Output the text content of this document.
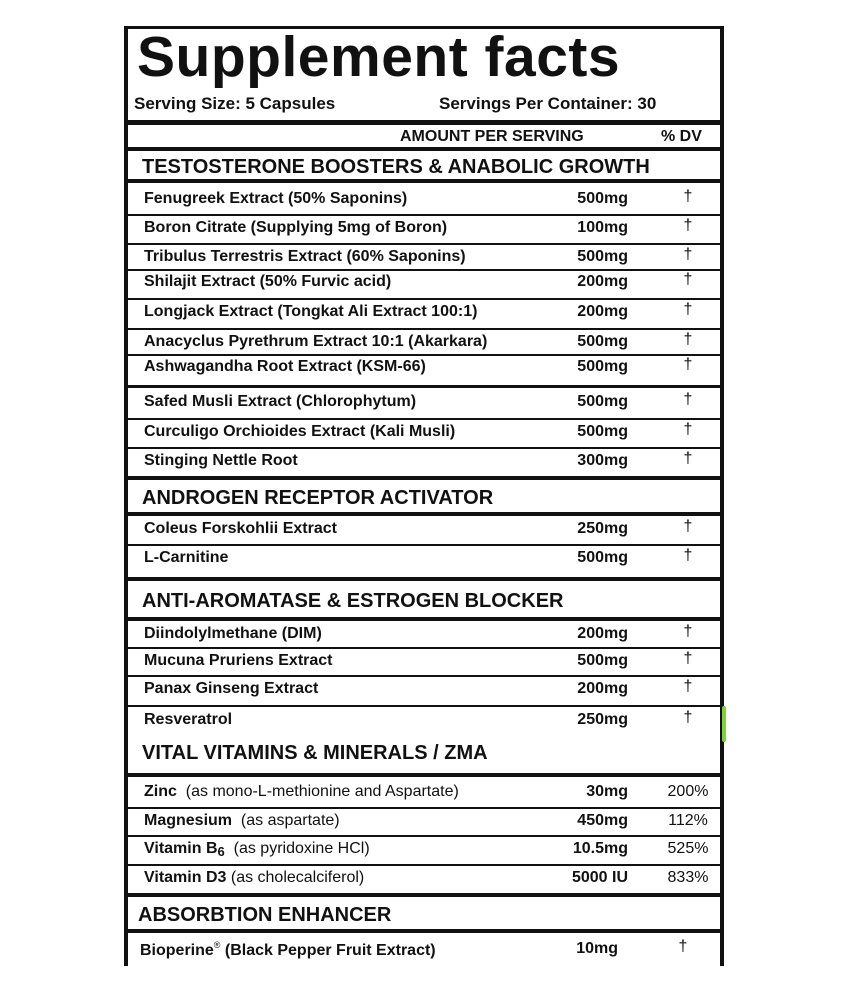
Supplement facts
Serving Size: 5 Capsules	Servings Per Container: 30
AMOUNT PER SERVING	% DV
TESTOSTERONE BOOSTERS & ANABOLIC GROWTH
Fenugreek Extract (50% Saponins)	500mg	†
Boron Citrate (Supplying 5mg of Boron)	100mg	†
Tribulus Terrestris Extract (60% Saponins)	500mg	†
Shilajit Extract (50% Furvic acid)	200mg	†
Longjack Extract (Tongkat Ali Extract 100:1)	200mg	†
Anacyclus Pyrethrum Extract 10:1 (Akarkara)	500mg	†
Ashwagandha Root Extract (KSM-66)	500mg	†
Safed Musli Extract (Chlorophytum)	500mg	†
Curculigo Orchioides Extract (Kali Musli)	500mg	†
Stinging Nettle Root	300mg	†
ANDROGEN RECEPTOR ACTIVATOR
Coleus Forskohlii Extract	250mg	†
L-Carnitine	500mg	†
ANTI-AROMATASE & ESTROGEN BLOCKER
Diindolylmethane (DIM)	200mg	†
Mucuna Pruriens Extract	500mg	†
Panax Ginseng Extract	200mg	†
Resveratrol	250mg	†
VITAL VITAMINS & MINERALS / ZMA
Zinc (as mono-L-methionine and Aspartate)	30mg	200%
Magnesium (as aspartate)	450mg	112%
Vitamin $B_6$ (as pyridoxine HCl)	10.5mg	525%
Vitamin D3 (as cholecalciferol)	5000 IU	833%
ABSORBTION ENHANCER
Bioperine® (Black Pepper Fruit Extract)	10mg	†
